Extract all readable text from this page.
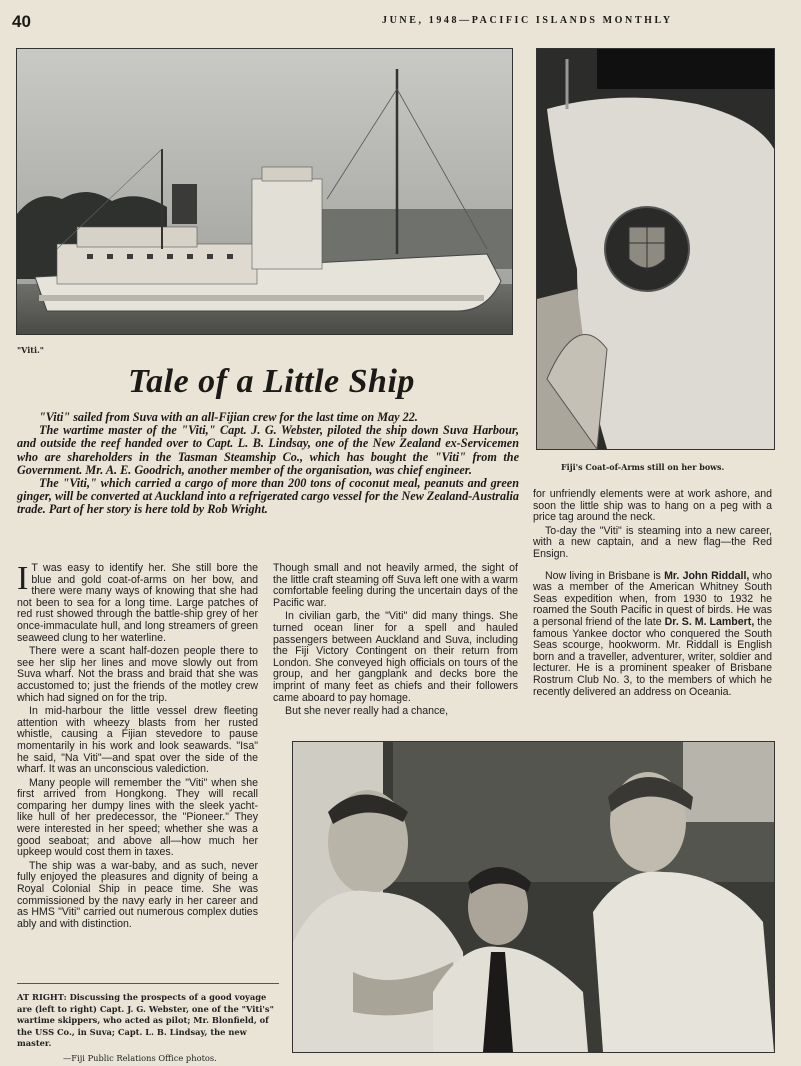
40	JUNE, 1948—PACIFIC ISLANDS MONTHLY
"Viti."
Fiji's Coat-of-Arms still on her bows.
Tale of a Little Ship

"Viti" sailed from Suva with an all-Fijian crew for the last time on May 22.

The wartime master of the "Viti," Capt. J. G. Webster, piloted the ship down Suva Harbour, and outside the reef handed over to Capt. L. B. Lindsay, one of the New Zealand ex-Servicemen who are shareholders in the Tasman Steamship Co., which has bought the "Viti" from the Government. Mr. A. E. Goodrich, another member of the organisation, was chief engineer.

The "Viti," which carried a cargo of more than 200 tons of coconut meal, peanuts and green ginger, will be converted at Auckland into a refrigerated cargo vessel for the New Zealand-Australia trade. Part of her story is here told by Rob Wright.

I T was easy to identify her. She still bore the blue and gold coat-of-arms on her bow, and there were many ways of knowing that she had not been to sea for a long time. Large patches of red rust showed through the battle-ship grey of her once-immaculate hull, and long streamers of green seaweed clung to her waterline.

There were a scant half-dozen people there to see her slip her lines and move slowly out from Suva wharf. Not the brass and braid that she was accustomed to; just the friends of the motley crew which had signed on for the trip.

In mid-harbour the little vessel drew fleeting attention with wheezy blasts from her rusted whistle, causing a Fijian stevedore to pause momentarily in his work and look seawards. "Isa" he said, "Na Viti"—and spat over the side of the wharf. It was an unconscious valediction.

Many people will remember the "Viti" when she first arrived from Hongkong. They will recall comparing her dumpy lines with the sleek yacht-like hull of her predecessor, the "Pioneer." They were interested in her speed; whether she was a good seaboat; and above all—how much her upkeep would cost them in taxes.

The ship was a war-baby, and as such, never fully enjoyed the pleasures and dignity of being a Royal Colonial Ship in peace time. She was commissioned by the navy early in her career and as HMS "Viti" carried out numerous complex duties ably and with distinction.

Though small and not heavily armed, the sight of the little craft steaming off Suva left one with a warm comfortable feeling during the uncertain days of the Pacific war.

In civilian garb, the "Viti" did many things. She turned ocean liner for a spell and hauled passengers between Auckland and Suva, including the Fiji Victory Contingent on their return from London. She conveyed high officials on tours of the group, and her gangplank and decks bore the imprint of many feet as chiefs and their followers came aboard to pay homage.

But she never really had a chance,

for unfriendly elements were at work ashore, and soon the little ship was to hang on a peg with a price tag around the neck.

To-day the "Viti" is steaming into a new career, with a new captain, and a new flag—the Red Ensign.

Now living in Brisbane is Mr. John Riddall, who was a member of the American Whitney South Seas expedition when, from 1930 to 1932 he roamed the South Pacific in quest of birds. He was a personal friend of the late Dr. S. M. Lambert, the famous Yankee doctor who conquered the South Seas scourge, hookworm. Mr. Riddall is English born and a traveller, adventurer, writer, soldier and lecturer. He is a prominent speaker of Brisbane Rostrum Club No. 3, to the members of which he recently delivered an address on Oceania.

AT RIGHT: Discussing the prospects of a good voyage are (left to right) Capt. J. G. Webster, one of the "Viti's" wartime skippers, who acted as pilot; Mr. Blonfield, of the USS Co., in Suva; Capt. L. B. Lindsay, the new master.
—Fiji Public Relations Office photos.
